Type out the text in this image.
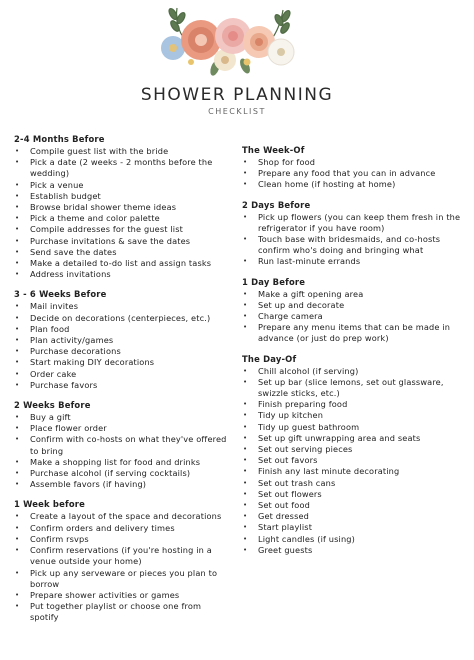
SHOWER PLANNING
CHECKLIST
2-4 Months Before
• Compile guest list with the bride
• Pick a date (2 weeks - 2 months before the wedding)
• Pick a venue
• Establish budget
• Browse bridal shower theme ideas
• Pick a theme and color palette
• Compile addresses for the guest list
• Purchase invitations & save the dates
• Send save the dates
• Make a detailed to-do list and assign tasks
• Address invitations
3 - 6 Weeks Before
• Mail invites
• Decide on decorations (centerpieces, etc.)
• Plan food
• Plan activity/games
• Purchase decorations
• Start making DIY decorations
• Order cake
• Purchase favors
2 Weeks Before
• Buy a gift
• Place flower order
• Confirm with co-hosts on what they've offered to bring
• Make a shopping list for food and drinks
• Purchase alcohol (if serving cocktails)
• Assemble favors (if having)
1 Week before
• Create a layout of the space and decorations
• Confirm orders and delivery times
• Confirm rsvps
• Confirm reservations (if you're hosting in a venue outside your home)
• Pick up any serveware or pieces you plan to borrow
• Prepare shower activities or games
• Put together playlist or choose one from spotify
The Week-Of
• Shop for food
• Prepare any food that you can in advance
• Clean home (if hosting at home)
2 Days Before
• Pick up flowers (you can keep them fresh in the refrigerator if you have room)
• Touch base with bridesmaids, and co-hosts confirm who's doing and bringing what
• Run last-minute errands
1 Day Before
• Make a gift opening area
• Set up and decorate
• Charge camera
• Prepare any menu items that can be made in advance (or just do prep work)
The Day-Of
• Chill alcohol (if serving)
• Set up bar (slice lemons, set out glassware, swizzle sticks, etc.)
• Finish preparing food
• Tidy up kitchen
• Tidy up guest bathroom
• Set up gift unwrapping area and seats
• Set out serving pieces
• Set out favors
• Finish any last minute decorating
• Set out trash cans
• Set out flowers
• Set out food
• Get dressed
• Start playlist
• Light candles (if using)
• Greet guests
